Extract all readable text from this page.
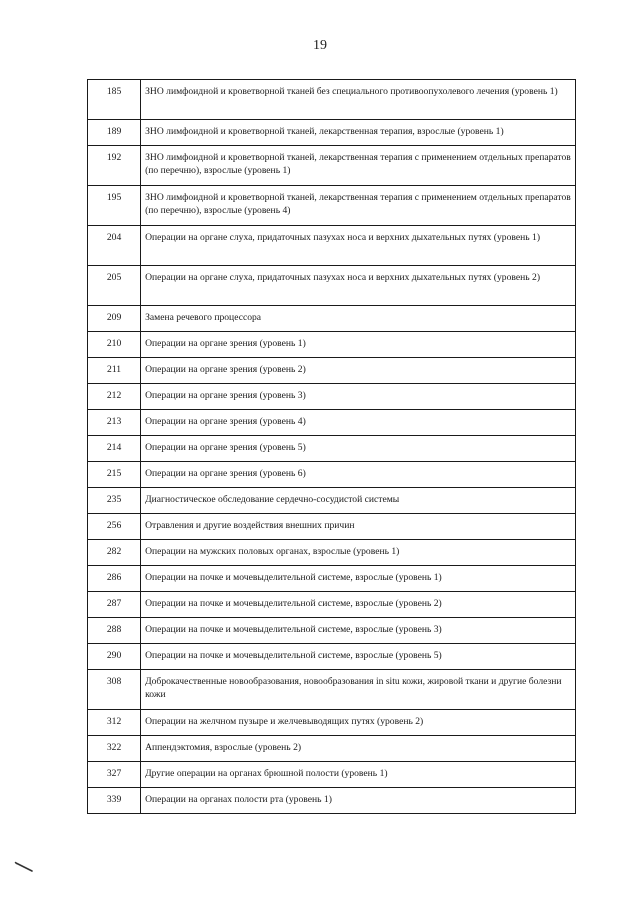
19
185	ЗНО лимфоидной и кроветворной тканей без специального противоопухолевого лечения (уровень 1)
189	ЗНО лимфоидной и кроветворной тканей, лекарственная терапия, взрослые (уровень 1)
192	ЗНО лимфоидной и кроветворной тканей, лекарственная терапия с применением отдельных препаратов (по перечню), взрослые (уровень 1)
195	ЗНО лимфоидной и кроветворной тканей, лекарственная терапия с применением отдельных препаратов (по перечню), взрослые (уровень 4)
204	Операции на органе слуха, придаточных пазухах носа и верхних дыхательных путях (уровень 1)
205	Операции на органе слуха, придаточных пазухах носа и верхних дыхательных путях (уровень 2)
209	Замена речевого процессора
210	Операции на органе зрения (уровень 1)
211	Операции на органе зрения (уровень 2)
212	Операции на органе зрения (уровень 3)
213	Операции на органе зрения (уровень 4)
214	Операции на органе зрения (уровень 5)
215	Операции на органе зрения (уровень 6)
235	Диагностическое обследование сердечно-сосудистой системы
256	Отравления и другие воздействия внешних причин
282	Операции на мужских половых органах, взрослые (уровень 1)
286	Операции на почке и мочевыделительной системе, взрослые (уровень 1)
287	Операции на почке и мочевыделительной системе, взрослые (уровень 2)
288	Операции на почке и мочевыделительной системе, взрослые (уровень 3)
290	Операции на почке и мочевыделительной системе, взрослые (уровень 5)
308	Доброкачественные новообразования, новообразования in situ кожи, жировой ткани и другие болезни кожи
312	Операции на желчном пузыре и желчевыводящих путях (уровень 2)
322	Аппендэктомия, взрослые (уровень 2)
327	Другие операции на органах брюшной полости (уровень 1)
339	Операции на органах полости рта (уровень 1)
